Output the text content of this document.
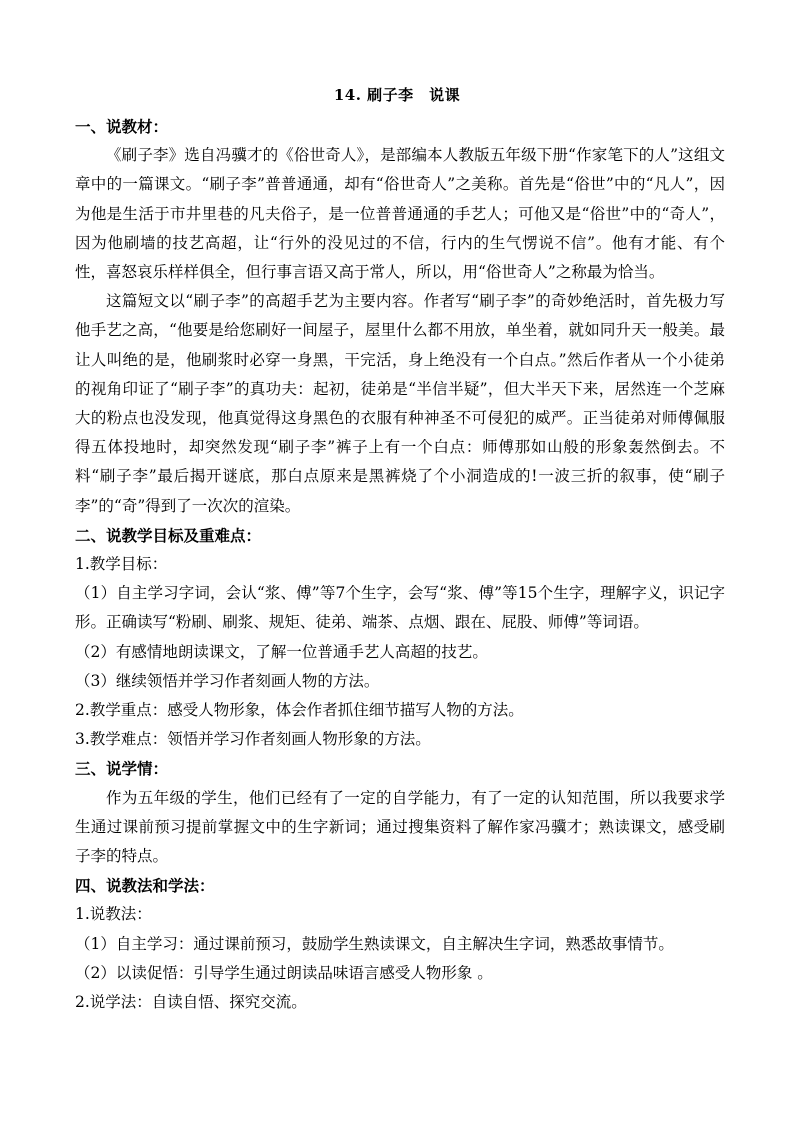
14. 刷子李　说课

一、说教材：

《刷子李》选自冯骥才的《俗世奇人》，是部编本人教版五年级下册“作家笔下的人”这组文章中的一篇课文。“刷子李”普普通通，却有“俗世奇人”之美称。首先是“俗世”中的“凡人”，因为他是生活于市井里巷的凡夫俗子，是一位普普通通的手艺人；可他又是“俗世”中的“奇人”，因为他刷墙的技艺高超，让“行外的没见过的不信，行内的生气愣说不信”。他有才能、有个性，喜怒哀乐样样俱全，但行事言语又高于常人，所以，用“俗世奇人”之称最为恰当。

这篇短文以“刷子李”的高超手艺为主要内容。作者写“刷子李”的奇妙绝活时，首先极力写他手艺之高，“他要是给您刷好一间屋子，屋里什么都不用放，单坐着，就如同升天一般美。最让人叫绝的是，他刷浆时必穿一身黑，干完活，身上绝没有一个白点。”然后作者从一个小徒弟的视角印证了“刷子李”的真功夫：起初，徒弟是“半信半疑”，但大半天下来，居然连一个芝麻大的粉点也没发现，他真觉得这身黑色的衣服有种神圣不可侵犯的威严。正当徒弟对师傅佩服得五体投地时，却突然发现“刷子李”裤子上有一个白点：师傅那如山般的形象轰然倒去。不料“刷子李”最后揭开谜底，那白点原来是黑裤烧了个小洞造成的!一波三折的叙事，使“刷子李”的“奇”得到了一次次的渲染。

二、说教学目标及重难点：

1.教学目标：

（1）自主学习字词，会认“浆、傅”等7个生字，会写“浆、傅”等15个生字，理解字义，识记字形。正确读写“粉刷、刷浆、规矩、徒弟、端茶、点烟、跟在、屁股、师傅”等词语。

（2）有感情地朗读课文，了解一位普通手艺人高超的技艺。

（3）继续领悟并学习作者刻画人物的方法。

2.教学重点：感受人物形象，体会作者抓住细节描写人物的方法。

3.教学难点：领悟并学习作者刻画人物形象的方法。

三、说学情：

作为五年级的学生，他们已经有了一定的自学能力，有了一定的认知范围，所以我要求学生通过课前预习提前掌握文中的生字新词；通过搜集资料了解作家冯骥才；熟读课文，感受刷子李的特点。

四、说教法和学法：

1.说教法：

（1）自主学习：通过课前预习，鼓励学生熟读课文，自主解决生字词，熟悉故事情节。

（2）以读促悟：引导学生通过朗读品味语言感受人物形象 。

2.说学法：自读自悟、探究交流。
